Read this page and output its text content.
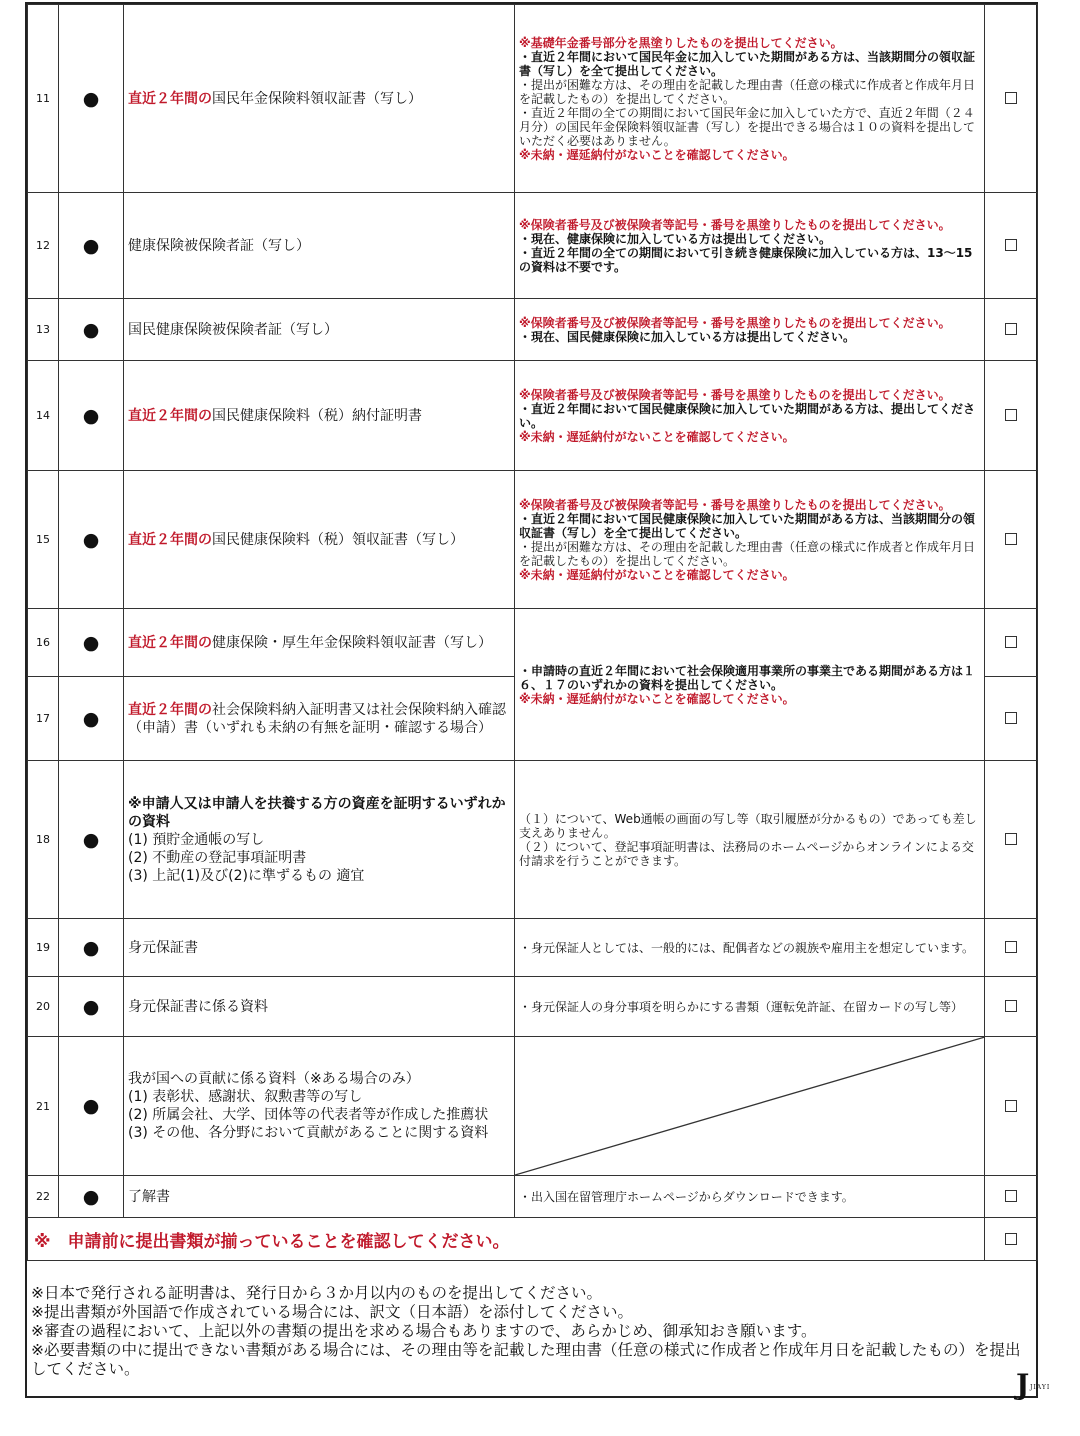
11	●	直近２年間の国民年金保険料領収証書（写し）	※基礎年金番号部分を黒塗りしたものを提出してください。
・直近２年間において国民年金に加入していた期間がある方は、当該期間分の領収証書（写し）を全て提出してください。
・提出が困難な方は、その理由を記載した理由書（任意の様式に作成者と作成年月日を記載したもの）を提出してください。
・直近２年間の全ての期間において国民年金に加入していた方で、直近２年間（２４月分）の国民年金保険料領収証書（写し）を提出できる場合は１０の資料を提出していただく必要はありません。
※未納・遅延納付がないことを確認してください。	

12	●	健康保険被保険者証（写し）	※保険者番号及び被保険者等記号・番号を黒塗りしたものを提出してください。
・現在、健康保険に加入している方は提出してください。
・直近２年間の全ての期間において引き続き健康保険に加入している方は、13～15の資料は不要です。	

13	●	国民健康保険被保険者証（写し）	※保険者番号及び被保険者等記号・番号を黒塗りしたものを提出してください。
・現在、国民健康保険に加入している方は提出してください。	

14	●	直近２年間の国民健康保険料（税）納付証明書	※保険者番号及び被保険者等記号・番号を黒塗りしたものを提出してください。
・直近２年間において国民健康保険に加入していた期間がある方は、提出してください。
※未納・遅延納付がないことを確認してください。	

15	●	直近２年間の国民健康保険料（税）領収証書（写し）	※保険者番号及び被保険者等記号・番号を黒塗りしたものを提出してください。
・直近２年間において国民健康保険に加入していた期間がある方は、当該期間分の領収証書（写し）を全て提出してください。
・提出が困難な方は、その理由を記載した理由書（任意の様式に作成者と作成年月日を記載したもの）を提出してください。
※未納・遅延納付がないことを確認してください。	

16	●	直近２年間の健康保険・厚生年金保険料領収証書（写し）	・申請時の直近２年間において社会保険適用事業所の事業主である期間がある方は１６、１７のいずれかの資料を提出してください。
※未納・遅延納付がないことを確認してください。	

17	●	直近２年間の社会保険料納入証明書又は社会保険料納入確認（申請）書（いずれも未納の有無を証明・確認する場合）		
18	●	※申請人又は申請人を扶養する方の資産を証明するいずれかの資料
(1) 預貯金通帳の写し
(2) 不動産の登記事項証明書
(3) 上記(1)及び(2)に準ずるもの 適宜	（１）について、Web通帳の画面の写し等（取引履歴が分かるもの）であっても差し支えありません。
（２）について、登記事項証明書は、法務局のホームページからオンラインによる交付請求を行うことができます。	

19	●	身元保証書	・身元保証人としては、一般的には、配偶者などの親族や雇用主を想定しています。	

20	●	身元保証書に係る資料	・身元保証人の身分事項を明らかにする書類（運転免許証、在留カードの写し等）	

21	●	我が国への貢献に係る資料（※ある場合のみ）
(1) 表彰状、感謝状、叙勲書等の写し
(2) 所属会社、大学、団体等の代表者等が作成した推薦状
(3) その他、各分野において貢献があることに関する資料

22	●	了解書	・出入国在留管理庁ホームページからダウンロードできます。	

※　申請前に提出書類が揃っていることを確認してください。				
※日本で発行される証明書は、発行日から３か月以内のものを提出してください。
※提出書類が外国語で作成されている場合には、訳文（日本語）を添付してください。
※審査の過程において、上記以外の書類の提出を求める場合もありますので、あらかじめ、御承知おき願います。
※必要書類の中に提出できない書類がある場合には、その理由等を記載した理由書（任意の様式に作成者と作成年月日を記載したもの）を提出してください。	J JIAYI
